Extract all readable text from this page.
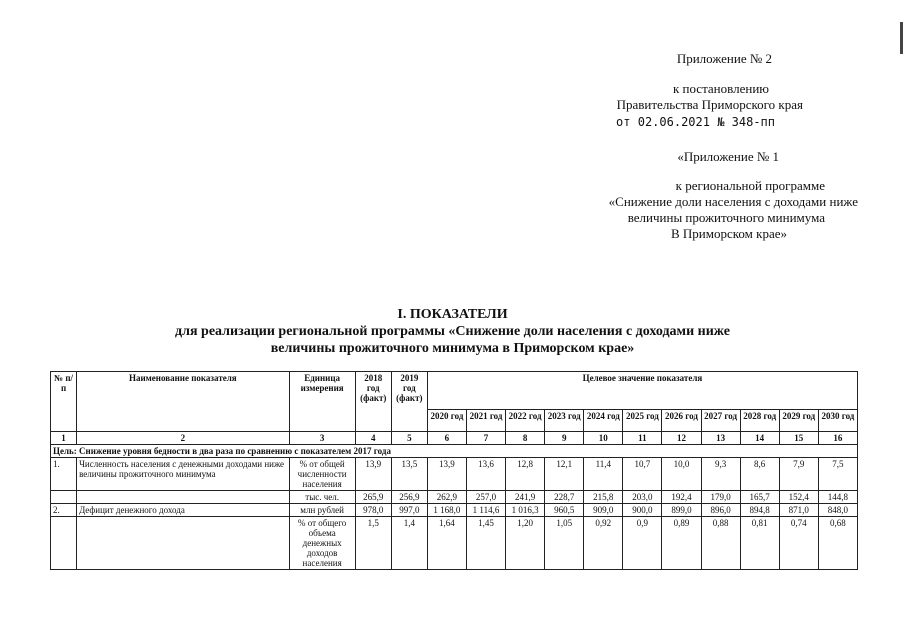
Приложение № 2
к постановлению
Правительства Приморского края
от 02.06.2021 № 348-пп
«Приложение № 1
к региональной программе
«Снижение доли населения с доходами ниже
величины прожиточного минимума
В Приморском крае»
I. ПОКАЗАТЕЛИ
для реализации региональной программы «Снижение доли населения с доходами ниже
величины прожиточного минимума в Приморском крае»
№ п/п	Наименование показателя	Единица измерения	2018 год (факт)	2019 год (факт)	Целевое значение показателя										
					2020 год	2021 год	2022 год	2023 год	2024 год	2025 год	2026 год	2027 год	2028 год	2029 год	2030 год
1	2	3	4	5	6	7	8	9	10	11	12	13	14	15	16
Цель: Снижение уровня бедности в два раза по сравнению с показателем 2017 года															
1.	Численность населения с денежными доходами ниже величины прожиточного минимума	% от общей численности населения	13,9	13,5	13,9	13,6	12,8	12,1	11,4	10,7	10,0	9,3	8,6	7,9	7,5
		тыс. чел.	265,9	256,9	262,9	257,0	241,9	228,7	215,8	203,0	192,4	179,0	165,7	152,4	144,8
2.	Дефицит денежного дохода	млн рублей	978,0	997,0	1 168,0	1 114,6	1 016,3	960,5	909,0	900,0	899,0	896,0	894,8	871,0	848,0
		% от общего объема денежных доходов населения	1,5	1,4	1,64	1,45	1,20	1,05	0,92	0,9	0,89	0,88	0,81	0,74	0,68
